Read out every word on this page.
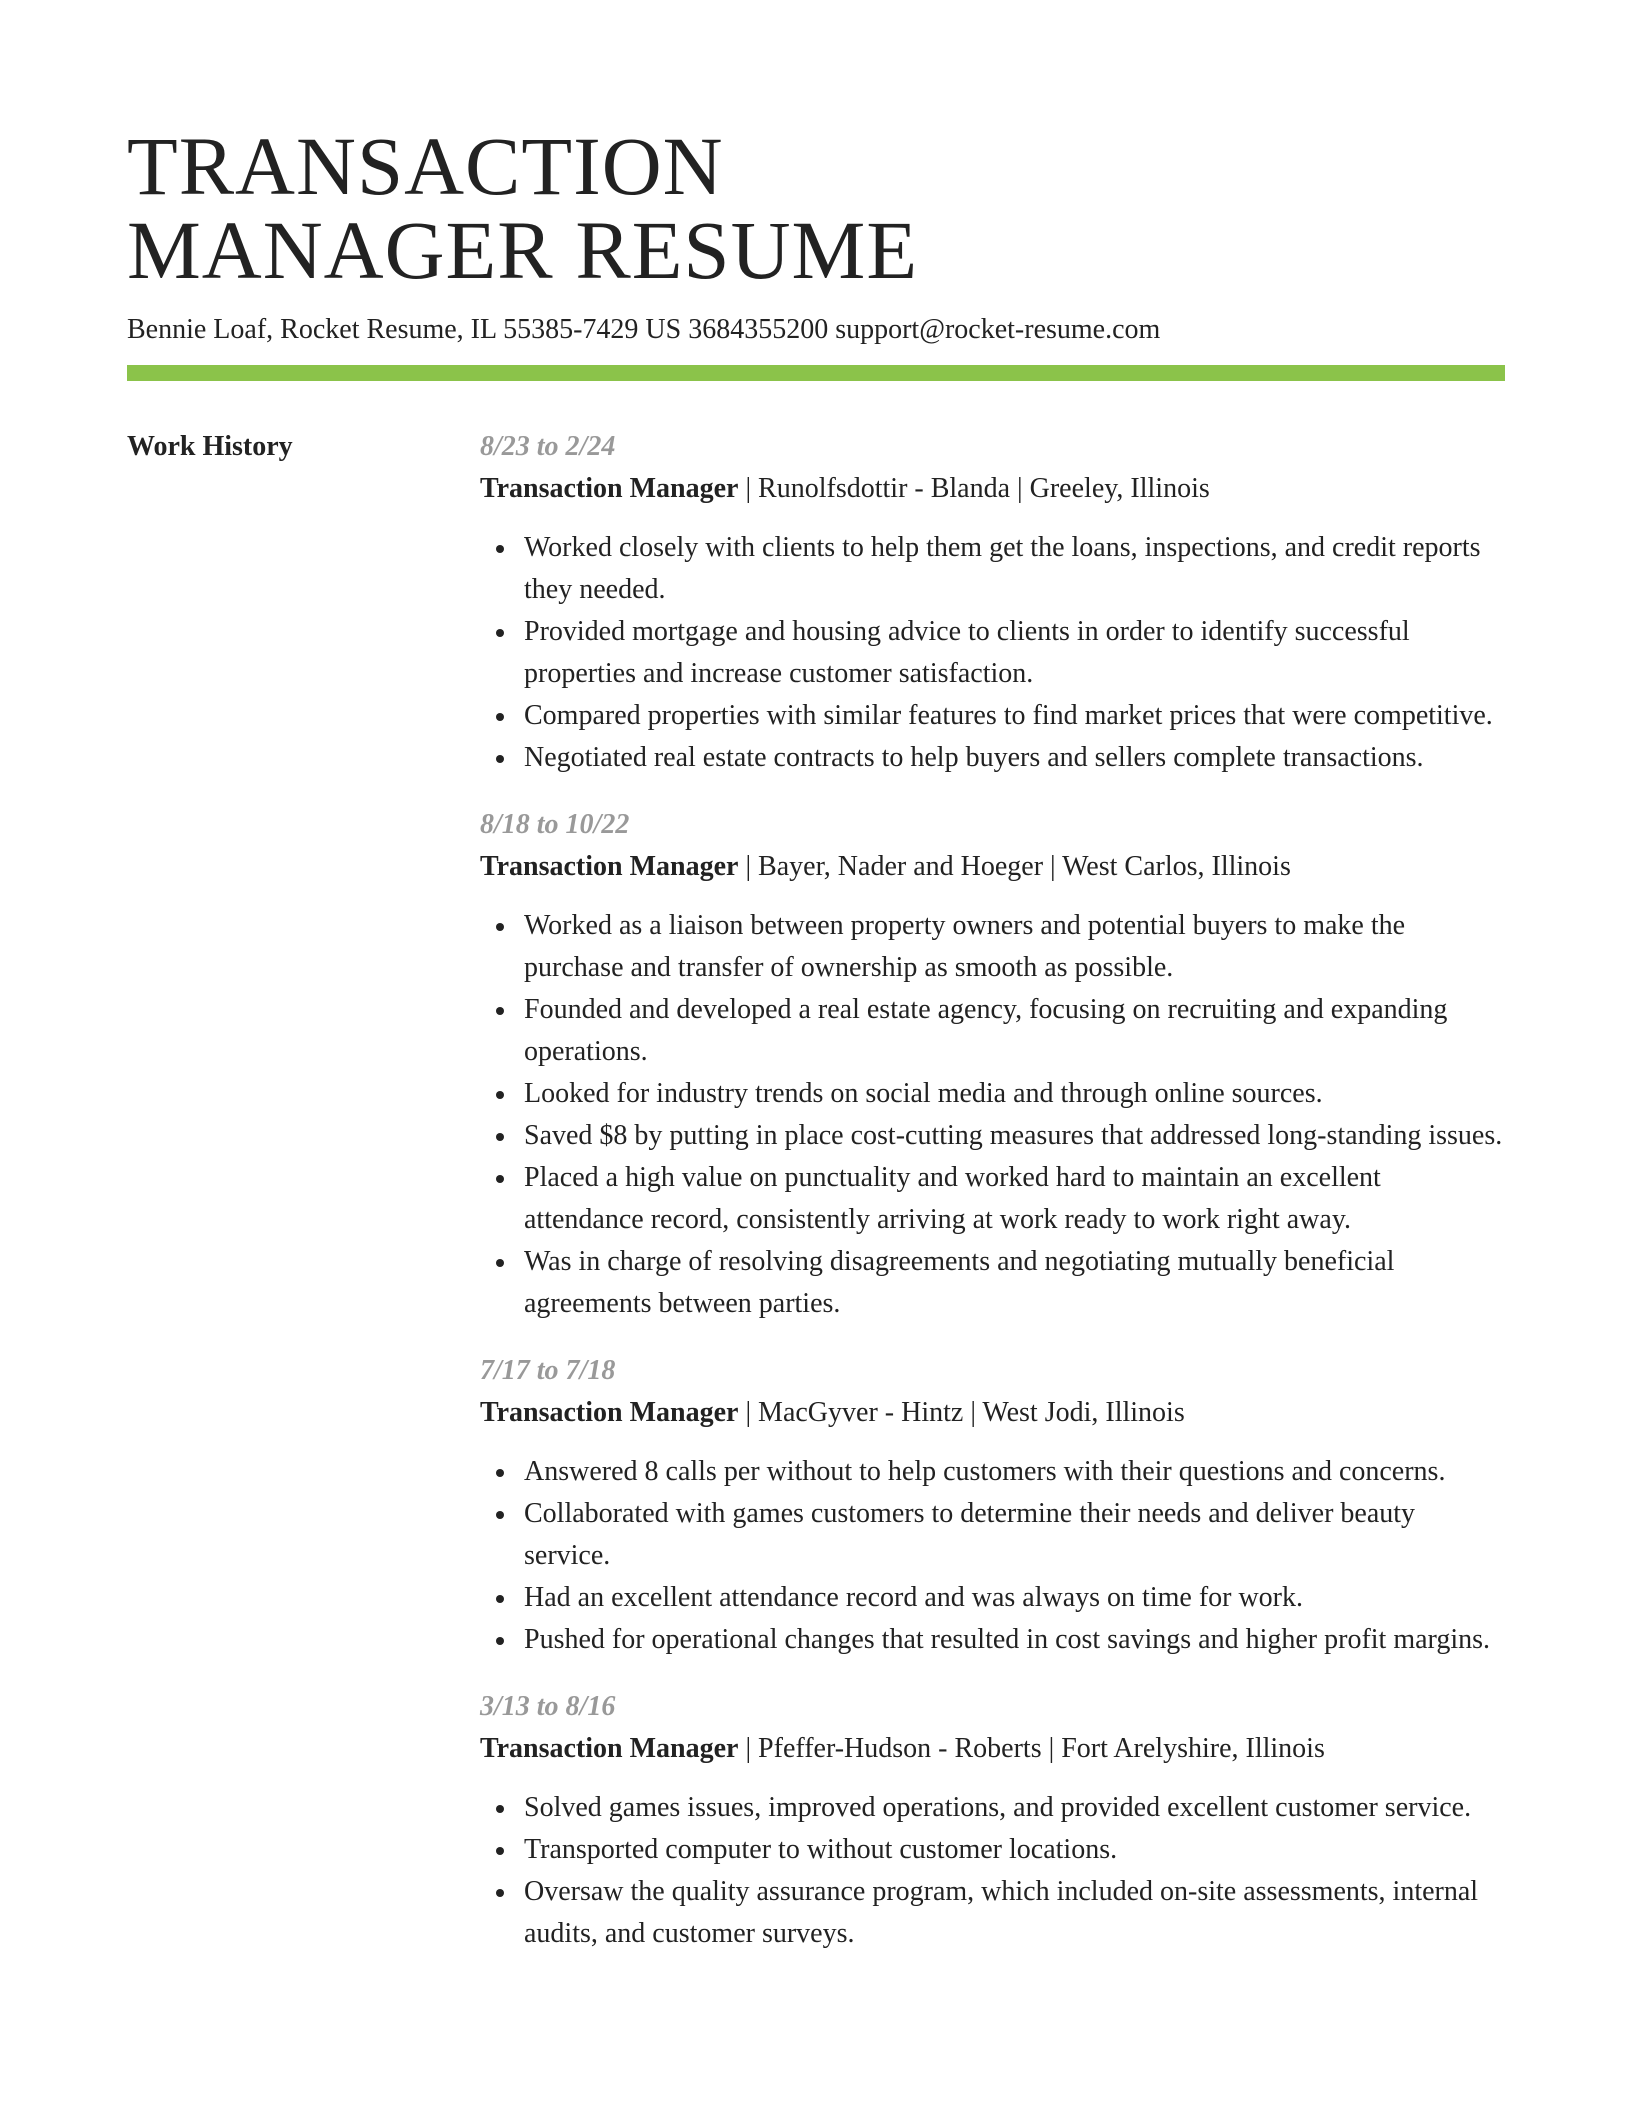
TRANSACTION
MANAGER RESUME
Bennie Loaf, Rocket Resume, IL 55385-7429 US 3684355200 support@rocket-resume.com
Work History	8/23 to 2/24
Transaction Manager | Runolfsdottir - Blanda | Greeley, Illinois
Worked closely with clients to help them get the loans, inspections, and credit reports they needed.
Provided mortgage and housing advice to clients in order to identify successful properties and increase customer satisfaction.
Compared properties with similar features to find market prices that were competitive.
Negotiated real estate contracts to help buyers and sellers complete transactions.
8/18 to 10/22
Transaction Manager | Bayer, Nader and Hoeger | West Carlos, Illinois
Worked as a liaison between property owners and potential buyers to make the purchase and transfer of ownership as smooth as possible.
Founded and developed a real estate agency, focusing on recruiting and expanding operations.
Looked for industry trends on social media and through online sources.
Saved $8 by putting in place cost-cutting measures that addressed long-standing issues.
Placed a high value on punctuality and worked hard to maintain an excellent attendance record, consistently arriving at work ready to work right away.
Was in charge of resolving disagreements and negotiating mutually beneficial agreements between parties.
7/17 to 7/18
Transaction Manager | MacGyver - Hintz | West Jodi, Illinois
Answered 8 calls per without to help customers with their questions and concerns.
Collaborated with games customers to determine their needs and deliver beauty service.
Had an excellent attendance record and was always on time for work.
Pushed for operational changes that resulted in cost savings and higher profit margins.
3/13 to 8/16
Transaction Manager | Pfeffer-Hudson - Roberts | Fort Arelyshire, Illinois
Solved games issues, improved operations, and provided excellent customer service.
Transported computer to without customer locations.
Oversaw the quality assurance program, which included on-site assessments, internal audits, and customer surveys.
